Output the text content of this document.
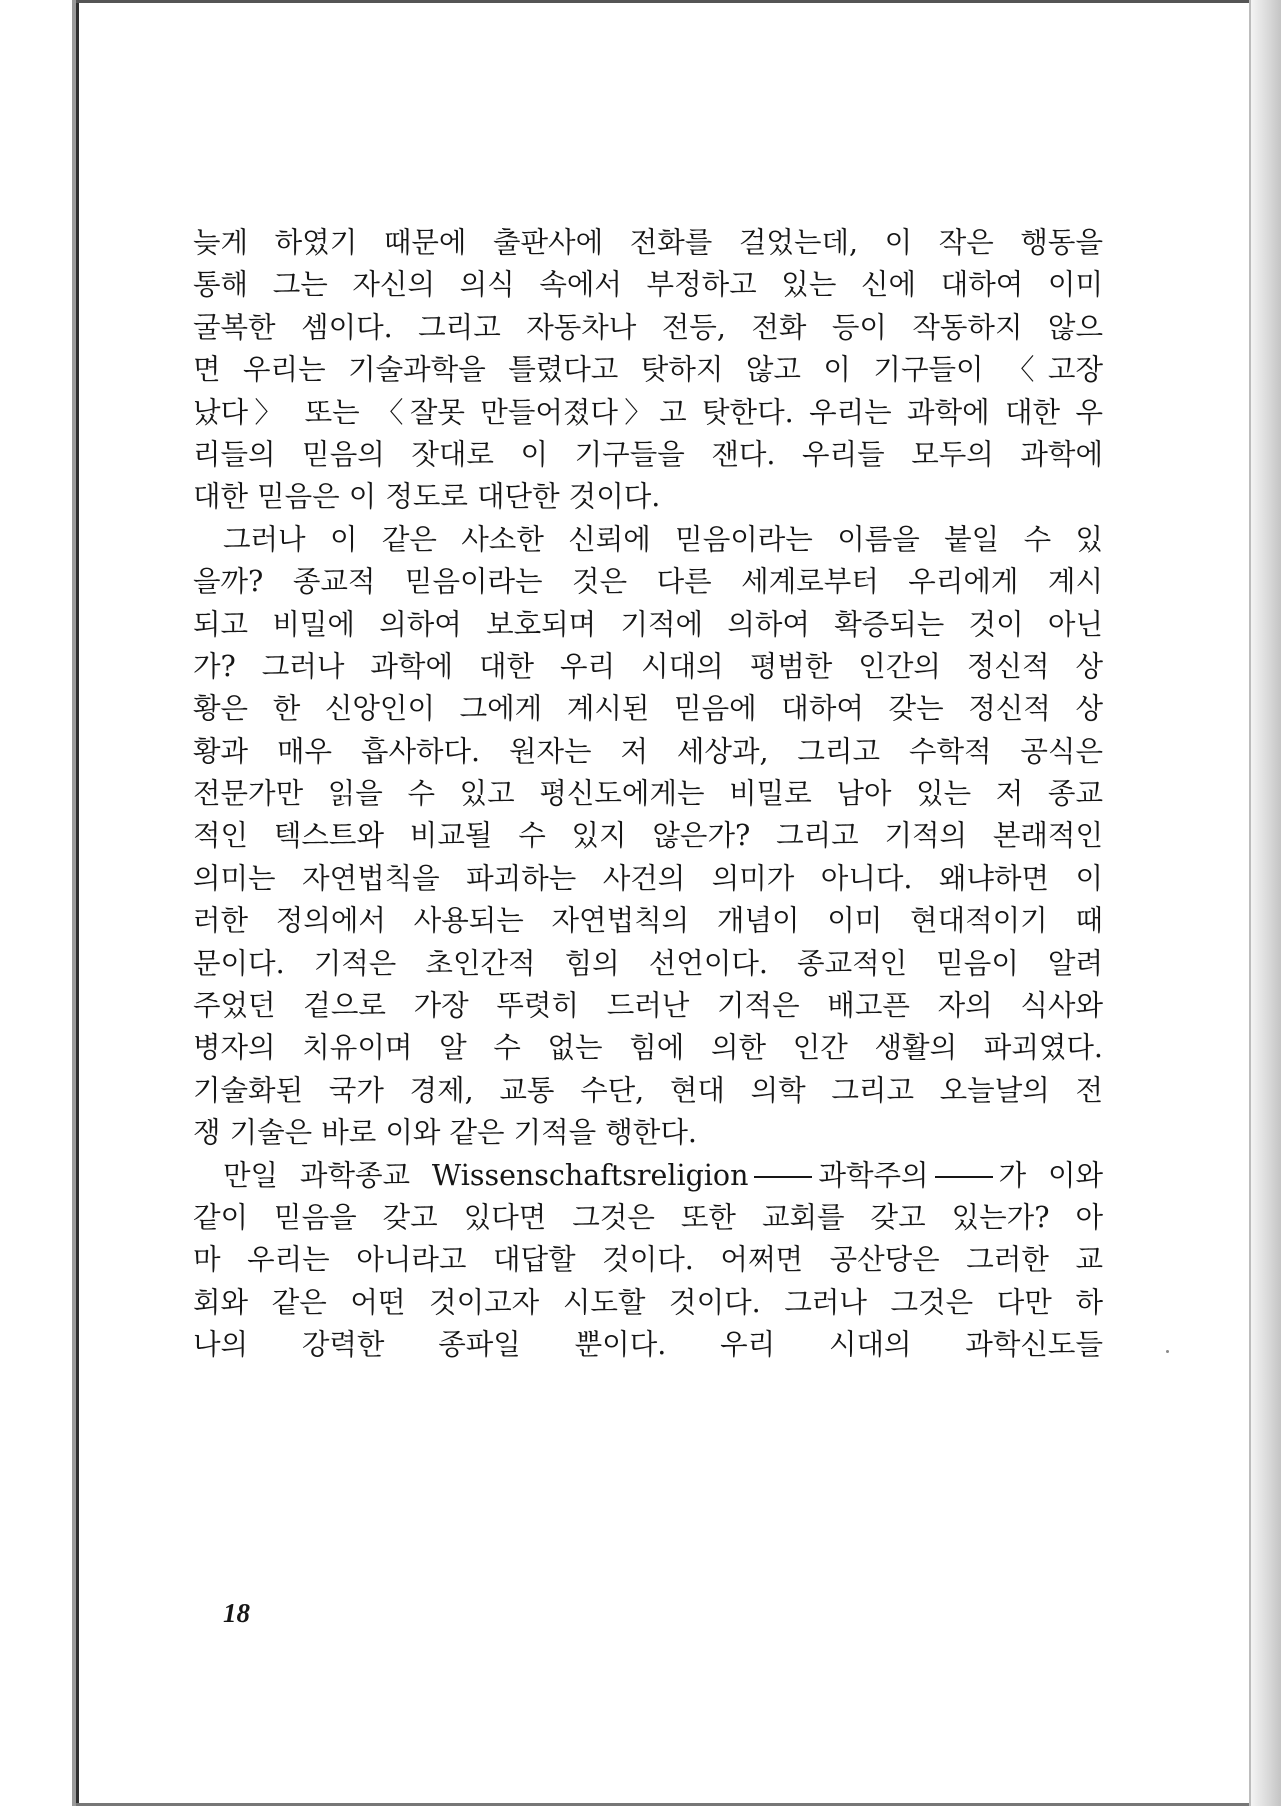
늦게 하였기 때문에 출판사에 전화를 걸었는데, 이 작은 행동을
통해 그는 자신의 의식 속에서 부정하고 있는 신에 대하여 이미
굴복한 셈이다. 그리고 자동차나 전등, 전화 등이 작동하지 않으
면 우리는 기술과학을 틀렸다고 탓하지 않고 이 기구들이 〈고장
났다〉 또는 〈잘못 만들어졌다〉고 탓한다. 우리는 과학에 대한 우
리들의 믿음의 잣대로 이 기구들을 잰다. 우리들 모두의 과학에
대한 믿음은 이 정도로 대단한 것이다.
그러나 이 같은 사소한 신뢰에 믿음이라는 이름을 붙일 수 있
을까? 종교적 믿음이라는 것은 다른 세계로부터 우리에게 계시
되고 비밀에 의하여 보호되며 기적에 의하여 확증되는 것이 아닌
가? 그러나 과학에 대한 우리 시대의 평범한 인간의 정신적 상
황은 한 신앙인이 그에게 계시된 믿음에 대하여 갖는 정신적 상
황과 매우 흡사하다. 원자는 저 세상과, 그리고 수학적 공식은
전문가만 읽을 수 있고 평신도에게는 비밀로 남아 있는 저 종교
적인 텍스트와 비교될 수 있지 않은가? 그리고 기적의 본래적인
의미는 자연법칙을 파괴하는 사건의 의미가 아니다. 왜냐하면 이
러한 정의에서 사용되는 자연법칙의 개념이 이미 현대적이기 때
문이다. 기적은 초인간적 힘의 선언이다. 종교적인 믿음이 알려
주었던 겉으로 가장 뚜렷히 드러난 기적은 배고픈 자의 식사와
병자의 치유이며 알 수 없는 힘에 의한 인간 생활의 파괴였다.
기술화된 국가 경제, 교통 수단, 현대 의학 그리고 오늘날의 전
쟁 기술은 바로 이와 같은 기적을 행한다.
만일 과학종교 Wissenschaftsreligion 과학주의 가 이와
같이 믿음을 갖고 있다면 그것은 또한 교회를 갖고 있는가? 아
마 우리는 아니라고 대답할 것이다. 어쩌면 공산당은 그러한 교
회와 같은 어떤 것이고자 시도할 것이다. 그러나 그것은 다만 하
나의 강력한 종파일 뿐이다. 우리 시대의 과학신도들
18
